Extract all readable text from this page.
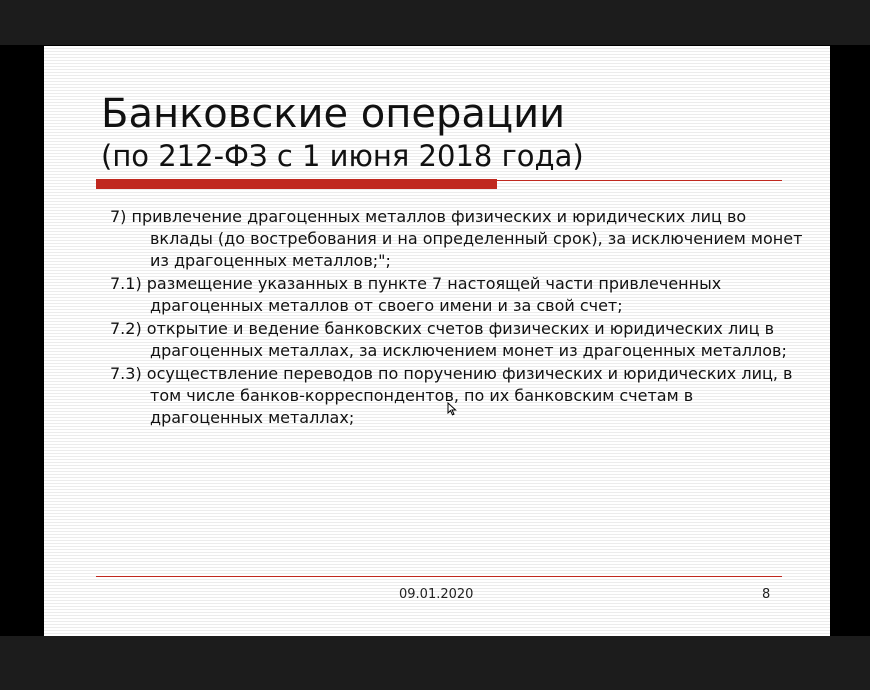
Банковские операции
(по 212-ФЗ с 1 июня 2018 года)

7) привлечение драгоценных металлов физических и юридических лиц во вклады (до востребования и на определенный срок), за исключением монет из драгоценных металлов;";

7.1) размещение указанных в пункте 7 настоящей части привлеченных драгоценных металлов от своего имени и за свой счет;

7.2) открытие и ведение банковских счетов физических и юридических лиц в драгоценных металлах, за исключением монет из драгоценных металлов;

7.3) осуществление переводов по поручению физических и юридических лиц, в том числе банков-корреспондентов, по их банковским счетам в драгоценных металлах;

09.01.2020	8
